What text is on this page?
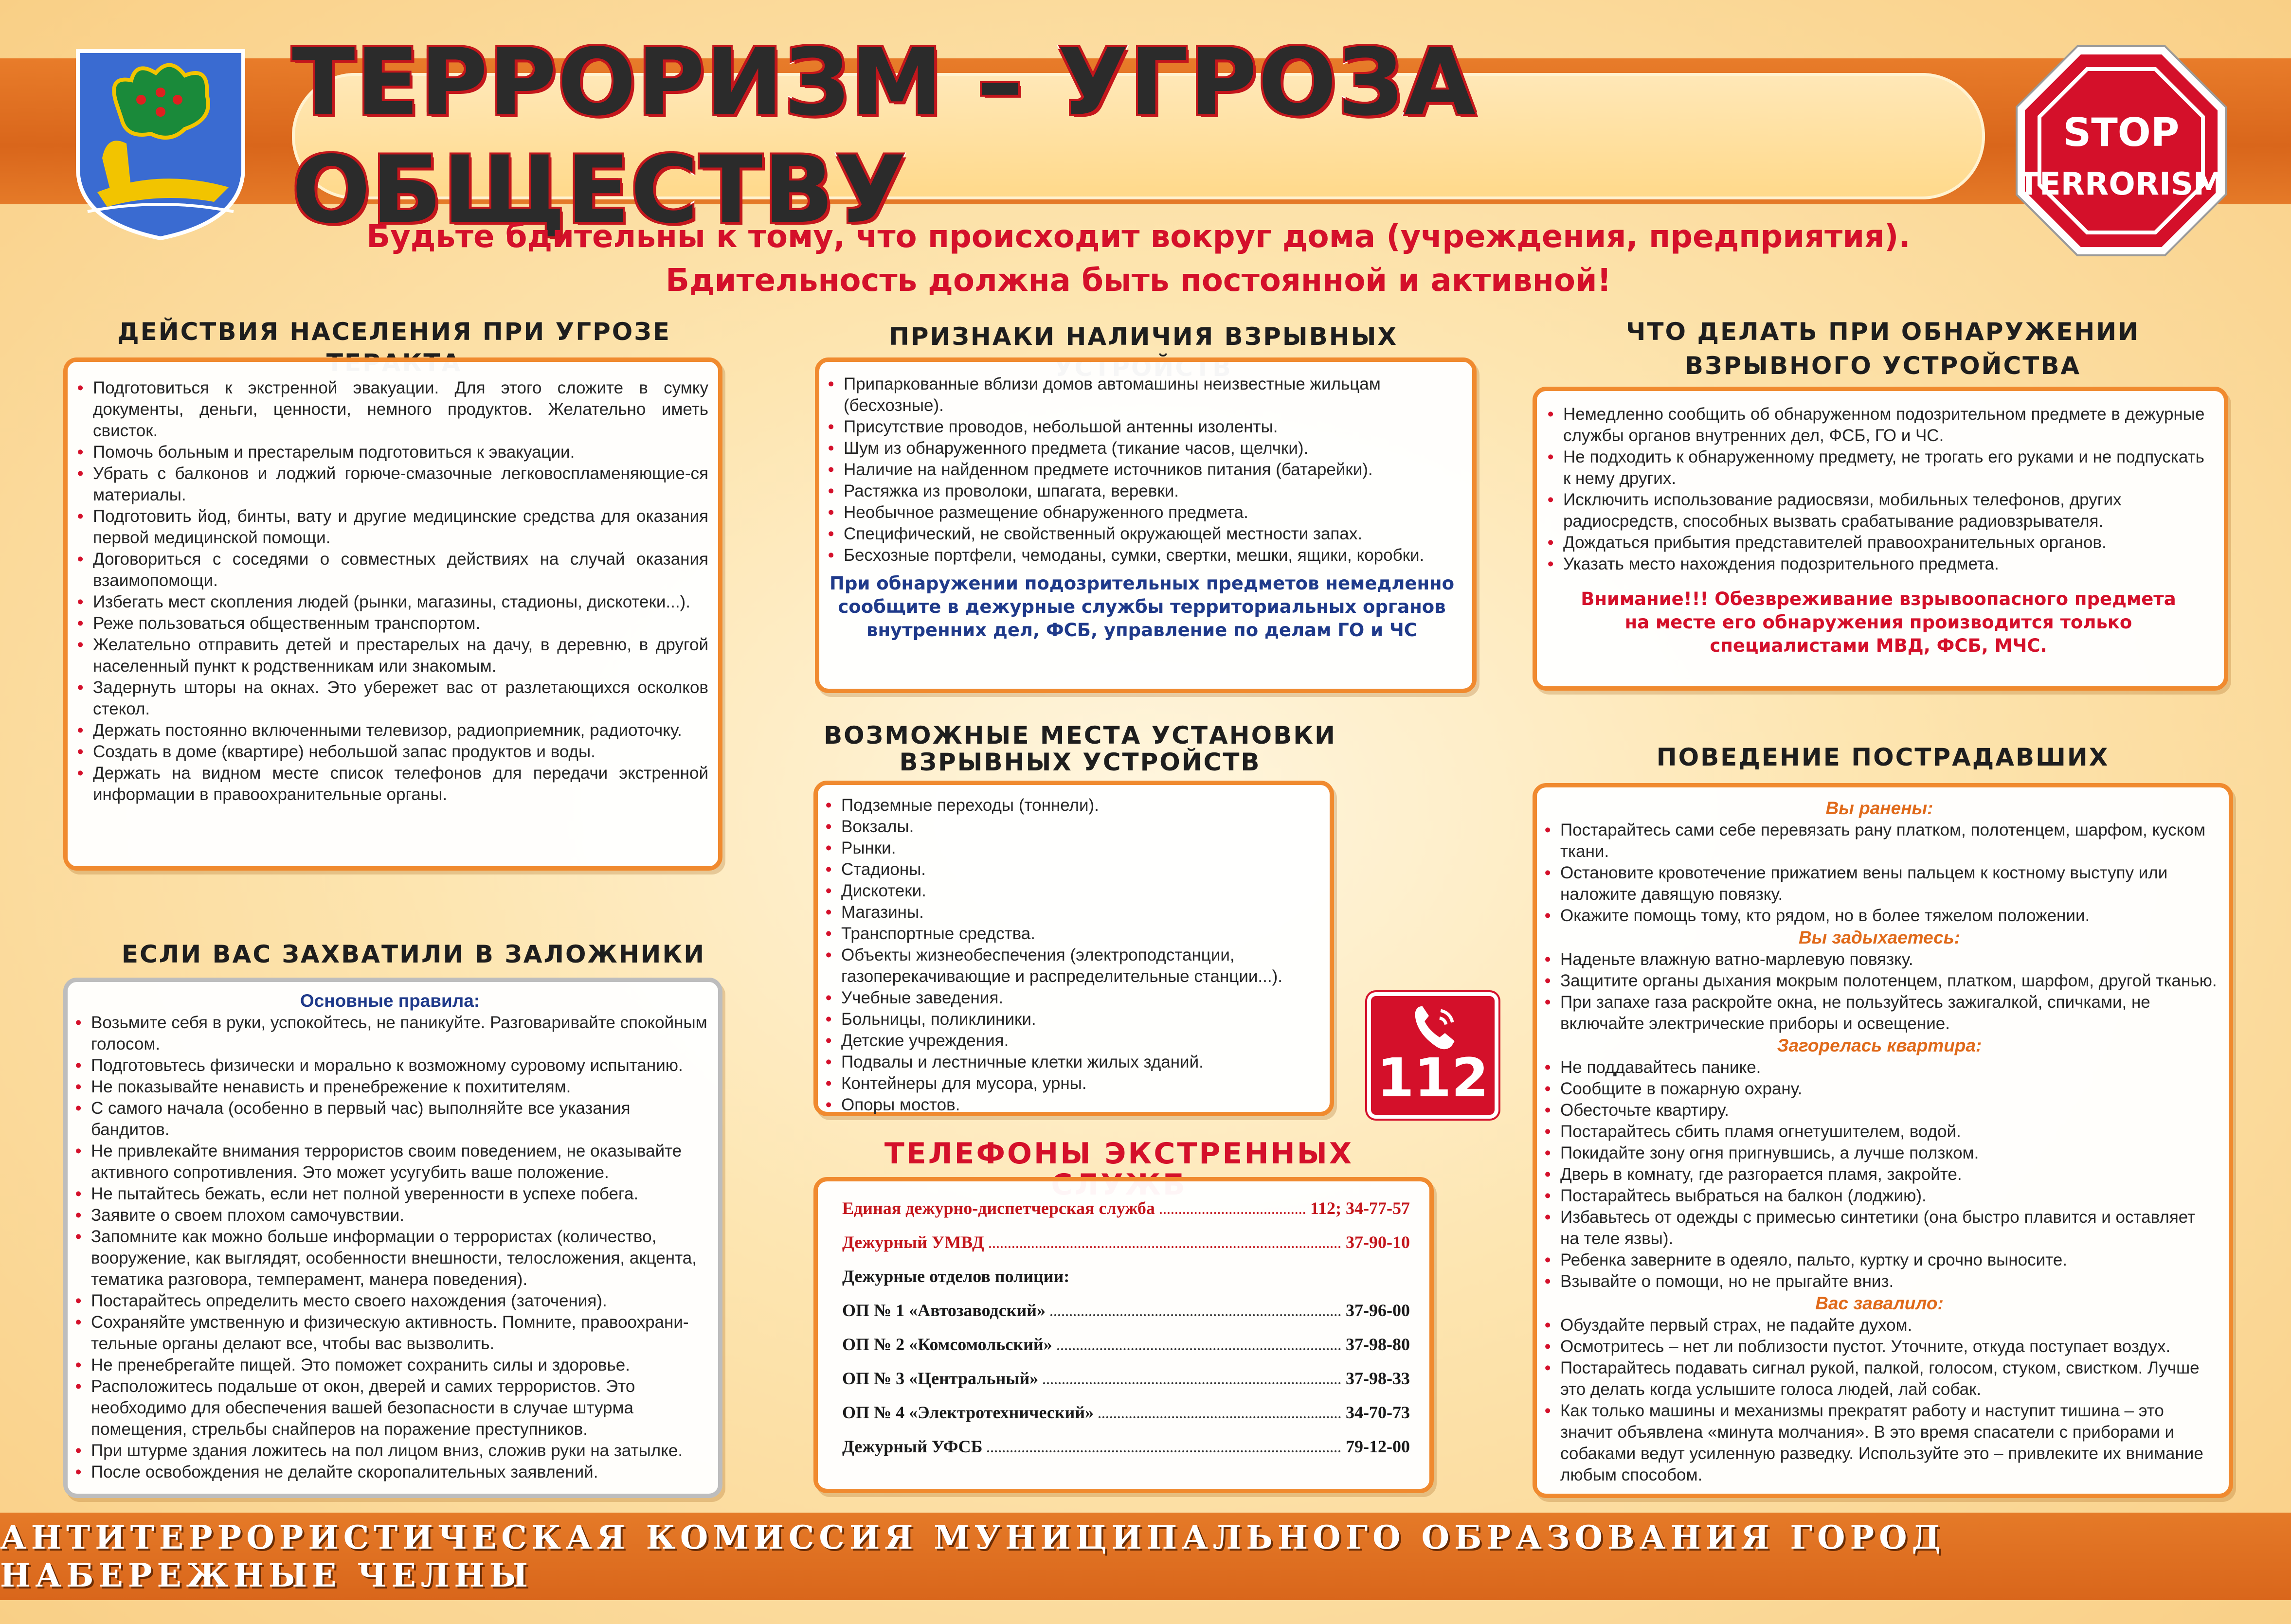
ТЕРРОРИЗМ – УГРОЗА ОБЩЕСТВУ
STOP
TERRORISM
Будьте бдительны к тому, что происходит вокруг дома (учреждения, предприятия).
Бдительность должна быть постоянной и активной!
ДЕЙСТВИЯ НАСЕЛЕНИЯ ПРИ УГРОЗЕ
• Подготовиться к экстренной эвакуации. Для этого сложите в сумку документы, деньги, ценности, немного продуктов. Желательно иметь свисток.
• Помочь больным и престарелым подготовиться к эвакуации.
• Убрать с балконов и лоджий горюче-смазочные легковоспламеняющие-ся материалы.
• Подготовить йод, бинты, вату и другие медицинские средства для оказания первой медицинской помощи.
• Договориться с соседями о совместных действиях на случай оказания взаимопомощи.
• Избегать мест скопления людей (рынки, магазины, стадионы, дискотеки...).
• Реже пользоваться общественным транспортом.
• Желательно отправить детей и престарелых на дачу, в деревню, в другой населенный пункт к родственникам или знакомым.
• Задернуть шторы на окнах. Это убережет вас от разлетающихся осколков стекол.
• Держать постоянно включенными телевизор, радиоприемник, радиоточку.
• Создать в доме (квартире) небольшой запас продуктов и воды.
• Держать на видном месте список телефонов для передачи экстренной информации в правоохранительные органы.
ПРИЗНАКИ НАЛИЧИЯ ВЗРЫВНЫХ
• Припаркованные вблизи домов автомашины неизвестные жильцам (бесхозные).
• Присутствие проводов, небольшой антенны изоленты.
• Шум из обнаруженного предмета (тикание часов, щелчки).
• Наличие на найденном предмете источников питания (батарейки).
• Растяжка из проволоки, шпагата, веревки.
• Необычное размещение обнаруженного предмета.
• Специфический, не свойственный окружающей местности запах.
• Бесхозные портфели, чемоданы, сумки, свертки, мешки, ящики, коробки.
При обнаружении подозрительных предметов немедленно сообщите в дежурные службы территориальных органов внутренних дел, ФСБ, управление по делам ГО и ЧС
ЧТО ДЕЛАТЬ ПРИ ОБНАРУЖЕНИИ
ВЗРЫВНОГО УСТРОЙСТВА
• Немедленно сообщить об обнаруженном подозрительном предмете в дежурные службы органов внутренних дел, ФСБ, ГО и ЧС.
• Не подходить к обнаруженному предмету, не трогать его руками и не подпускать к нему других.
• Исключить использование радиосвязи, мобильных телефонов, других радиосредств, способных вызвать срабатывание радиовзрывателя.
• Дождаться прибытия представителей правоохранительных органов.
• Указать место нахождения подозрительного предмета.
Внимание!!! Обезвреживание взрывоопасного предмета на месте его обнаружения производится только специалистами МВД, ФСБ, МЧС.
ВОЗМОЖНЫЕ МЕСТА УСТАНОВКИ
ВЗРЫВНЫХ УСТРОЙСТВ
• Подземные переходы (тоннели).
• Вокзалы.
• Рынки.
• Стадионы.
• Дискотеки.
• Магазины.
• Транспортные средства.
• Объекты жизнеобеспечения (электроподстанции, газоперекачивающие и распределительные станции...).
• Учебные заведения.
• Больницы, поликлиники.
• Детские учреждения.
• Подвалы и лестничные клетки жилых зданий.
• Контейнеры для мусора, урны.
• Опоры мостов.	112
ТЕЛЕФОНЫ ЭКСТРЕННЫХ
Единая дежурно-диспетчерская служба	112; 34-77-57
Дежурный УМВД	37-90-10
Дежурные отделов полиции:
ОП № 1 «Автозаводский»	37-96-00
ОП № 2 «Комсомольский»	37-98-80
ОП № 3 «Центральный»	37-98-33
ОП № 4 «Электротехнический»	34-70-73
Дежурный УФСБ	79-12-00
ЕСЛИ ВАС ЗАХВАТИЛИ В ЗАЛОЖНИКИ
Основные правила:
• Возьмите себя в руки, успокойтесь, не паникуйте. Разговаривайте спокойным голосом.
• Подготовьтесь физически и морально к возможному суровому испытанию.
• Не показывайте ненависть и пренебрежение к похитителям.
• С самого начала (особенно в первый час) выполняйте все указания бандитов.
• Не привлекайте внимания террористов своим поведением, не оказывайте активного сопротивления. Это может усугубить ваше положение.
• Не пытайтесь бежать, если нет полной уверенности в успехе побега.
• Заявите о своем плохом самочувствии.
• Запомните как можно больше информации о террористах (количество, вооружение, как выглядят, особенности внешности, телосложения, акцента, тематика разговора, темперамент, манера поведения).
• Постарайтесь определить место своего нахождения (заточения).
• Сохраняйте умственную и физическую активность. Помните, правоохрани-тельные органы делают все, чтобы вас вызволить.
• Не пренебрегайте пищей. Это поможет сохранить силы и здоровье.
• Расположитесь подальше от окон, дверей и самих террористов. Это необходимо для обеспечения вашей безопасности в случае штурма помещения, стрельбы снайперов на поражение преступников.
• При штурме здания ложитесь на пол лицом вниз, сложив руки на затылке.
• После освобождения не делайте скоропалительных заявлений.
ПОВЕДЕНИЕ ПОСТРАДАВШИХ
Вы ранены:
• Постарайтесь сами себе перевязать рану платком, полотенцем, шарфом, куском ткани.
• Остановите кровотечение прижатием вены пальцем к костному выступу или наложите давящую повязку.
• Окажите помощь тому, кто рядом, но в более тяжелом положении.
Вы задыхаетесь:
• Наденьте влажную ватно-марлевую повязку.
• Защитите органы дыхания мокрым полотенцем, платком, шарфом, другой тканью.
• При запахе газа раскройте окна, не пользуйтесь зажигалкой, спичками, не включайте электрические приборы и освещение.
Загорелась квартира:
• Не поддавайтесь панике.
• Сообщите в пожарную охрану.
• Обесточьте квартиру.
• Постарайтесь сбить пламя огнетушителем, водой.
• Покидайте зону огня пригнувшись, а лучше ползком.
• Дверь в комнату, где разгорается пламя, закройте.
• Постарайтесь выбраться на балкон (лоджию).
• Избавьтесь от одежды с примесью синтетики (она быстро плавится и оставляет на теле язвы).
• Ребенка заверните в одеяло, пальто, куртку и срочно выносите.
• Взывайте о помощи, но не прыгайте вниз.
Вас завалило:
• Обуздайте первый страх, не падайте духом.
• Осмотритесь – нет ли поблизости пустот. Уточните, откуда поступает воздух.
• Постарайтесь подавать сигнал рукой, палкой, голосом, стуком, свистком. Лучше это делать когда услышите голоса людей, лай собак.
• Как только машины и механизмы прекратят работу и наступит тишина – это значит объявлена «минута молчания». В это время спасатели с приборами и собаками ведут усиленную разведку. Используйте это – привлеките их внимание любым способом.
АНТИТЕРРОРИСТИЧЕСКАЯ КОМИССИЯ МУНИЦИПАЛЬНОГО ОБРАЗОВАНИЯ ГОРОД НАБЕРЕЖНЫЕ ЧЕЛНЫ
